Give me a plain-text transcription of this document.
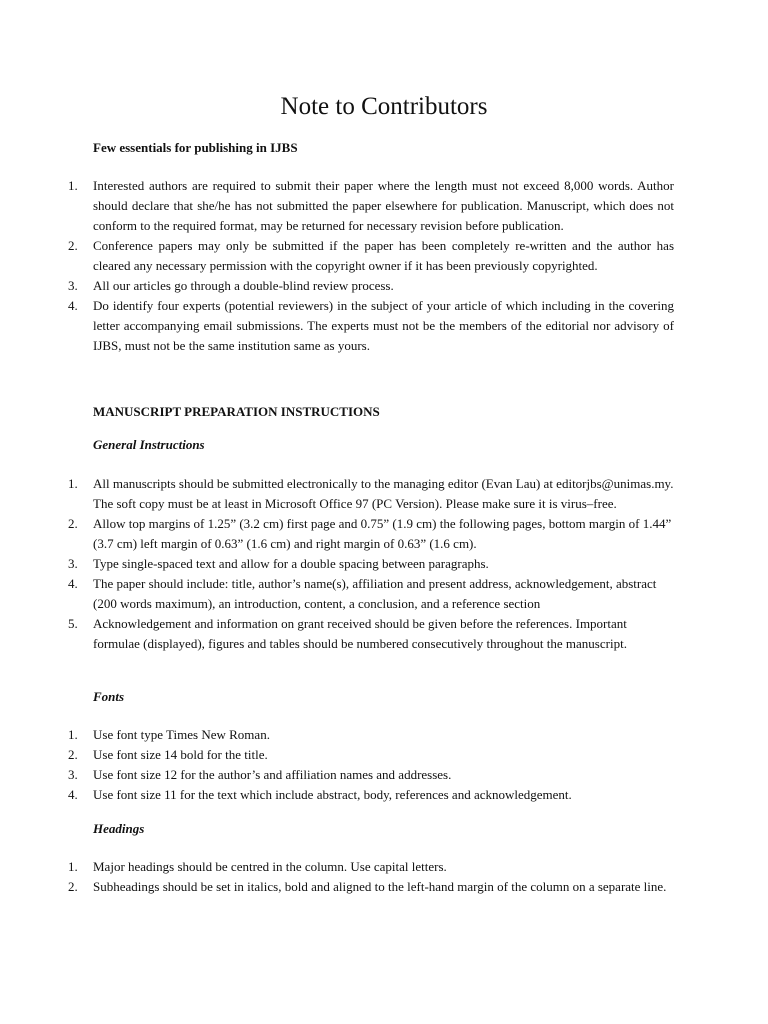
Note to Contributors
Few essentials for publishing in IJBS
1. Interested authors are required to submit their paper where the length must not exceed 8,000 words. Author should declare that she/he has not submitted the paper elsewhere for publication. Manuscript, which does not conform to the required format, may be returned for necessary revision before publication.
2. Conference papers may only be submitted if the paper has been completely re-written and the author has cleared any necessary permission with the copyright owner if it has been previously copyrighted.
3. All our articles go through a double-blind review process.
4. Do identify four experts (potential reviewers) in the subject of your article of which including in the covering letter accompanying email submissions. The experts must not be the members of the editorial nor advisory of IJBS, must not be the same institution same as yours.
MANUSCRIPT PREPARATION INSTRUCTIONS
General Instructions
1. All manuscripts should be submitted electronically to the managing editor (Evan Lau) at editorjbs@unimas.my. The soft copy must be at least in Microsoft Office 97 (PC Version). Please make sure it is virus–free.
2. Allow top margins of 1.25” (3.2 cm) first page and 0.75” (1.9 cm) the following pages, bottom margin of 1.44” (3.7 cm) left margin of 0.63” (1.6 cm) and right margin of 0.63” (1.6 cm).
3. Type single-spaced text and allow for a double spacing between paragraphs.
4. The paper should include: title, author’s name(s), affiliation and present address, acknowledgement, abstract (200 words maximum), an introduction, content, a conclusion, and a reference section
5. Acknowledgement and information on grant received should be given before the references. Important formulae (displayed), figures and tables should be numbered consecutively throughout the manuscript.
Fonts
1. Use font type Times New Roman.
2. Use font size 14 bold for the title.
3. Use font size 12 for the author’s and affiliation names and addresses.
4. Use font size 11 for the text which include abstract, body, references and acknowledgement.
Headings
1. Major headings should be centred in the column. Use capital letters.
2. Subheadings should be set in italics, bold and aligned to the left-hand margin of the column on a separate line.
